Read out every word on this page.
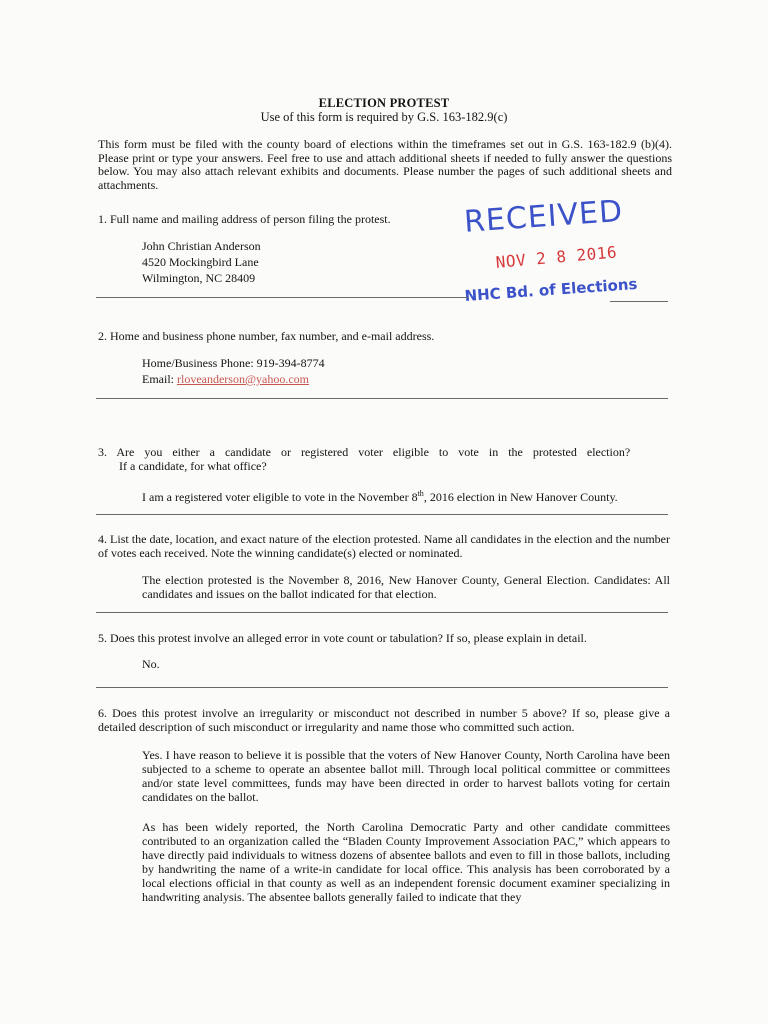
ELECTION PROTEST
Use of this form is required by G.S. 163-182.9(c)
This form must be filed with the county board of elections within the timeframes set out in G.S. 163-182.9 (b)(4). Please print or type your answers. Feel free to use and attach additional sheets if needed to fully answer the questions below. You may also attach relevant exhibits and documents. Please number the pages of such additional sheets and attachments.
RECEIVED
NOV 2 8 2016
NHC Bd. of Elections
1. Full name and mailing address of person filing the protest.
John Christian Anderson
4520 Mockingbird Lane
Wilmington, NC 28409
2. Home and business phone number, fax number, and e-mail address.
Home/Business Phone: 919-394-8774
Email: rloveanderson@yahoo.com
3. Are you either a candidate or registered voter eligible to vote in the protested election?
If a candidate, for what office?
I am a registered voter eligible to vote in the November 8th, 2016 election in New Hanover County.
4. List the date, location, and exact nature of the election protested. Name all candidates in the election and the number of votes each received. Note the winning candidate(s) elected or nominated.
The election protested is the November 8, 2016, New Hanover County, General Election. Candidates: All candidates and issues on the ballot indicated for that election.
5. Does this protest involve an alleged error in vote count or tabulation? If so, please explain in detail.
No.
6. Does this protest involve an irregularity or misconduct not described in number 5 above? If so, please give a detailed description of such misconduct or irregularity and name those who committed such action.
Yes. I have reason to believe it is possible that the voters of New Hanover County, North Carolina have been subjected to a scheme to operate an absentee ballot mill. Through local political committee or committees and/or state level committees, funds may have been directed in order to harvest ballots voting for certain candidates on the ballot.
As has been widely reported, the North Carolina Democratic Party and other candidate committees contributed to an organization called the “Bladen County Improvement Association PAC,” which appears to have directly paid individuals to witness dozens of absentee ballots and even to fill in those ballots, including by handwriting the name of a write-in candidate for local office. This analysis has been corroborated by a local elections official in that county as well as an independent forensic document examiner specializing in handwriting analysis. The absentee ballots generally failed to indicate that they
